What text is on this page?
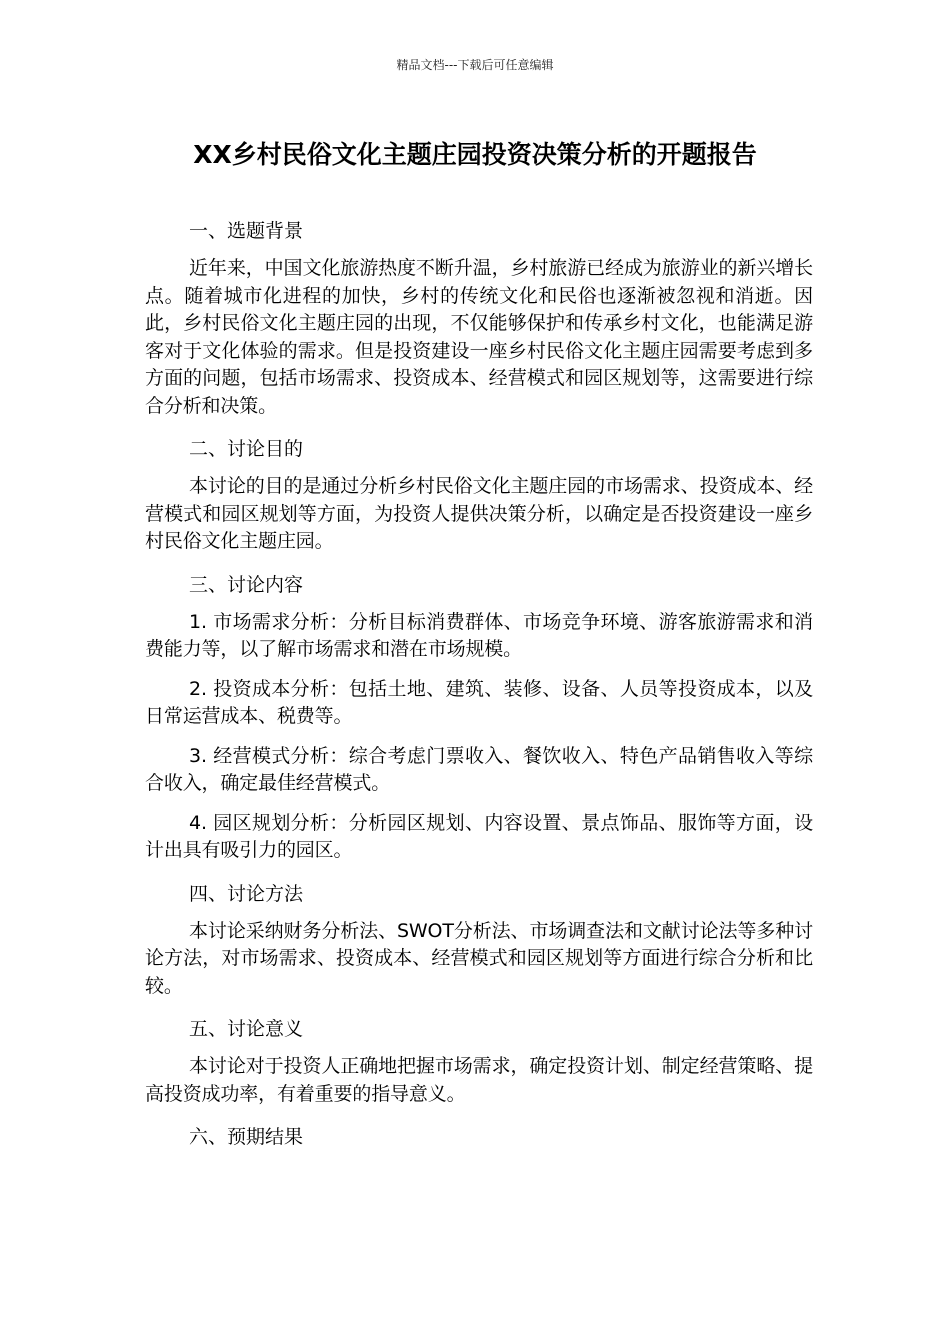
精品文档---下载后可任意编辑
XX乡村民俗文化主题庄园投资决策分析的开题报告
一、选题背景

近年来，中国文化旅游热度不断升温，乡村旅游已经成为旅游业的新兴增长点。随着城市化进程的加快，乡村的传统文化和民俗也逐渐被忽视和消逝。因此，乡村民俗文化主题庄园的出现，不仅能够保护和传承乡村文化，也能满足游客对于文化体验的需求。但是投资建设一座乡村民俗文化主题庄园需要考虑到多方面的问题，包括市场需求、投资成本、经营模式和园区规划等，这需要进行综合分析和决策。

二、讨论目的

本讨论的目的是通过分析乡村民俗文化主题庄园的市场需求、投资成本、经营模式和园区规划等方面，为投资人提供决策分析，以确定是否投资建设一座乡村民俗文化主题庄园。

三、讨论内容

1. 市场需求分析：分析目标消费群体、市场竞争环境、游客旅游需求和消费能力等，以了解市场需求和潜在市场规模。

2. 投资成本分析：包括土地、建筑、装修、设备、人员等投资成本，以及日常运营成本、税费等。

3. 经营模式分析：综合考虑门票收入、餐饮收入、特色产品销售收入等综合收入，确定最佳经营模式。

4. 园区规划分析：分析园区规划、内容设置、景点饰品、服饰等方面，设计出具有吸引力的园区。

四、讨论方法

本讨论采纳财务分析法、SWOT分析法、市场调查法和文献讨论法等多种讨论方法，对市场需求、投资成本、经营模式和园区规划等方面进行综合分析和比较。

五、讨论意义

本讨论对于投资人正确地把握市场需求，确定投资计划、制定经营策略、提高投资成功率，有着重要的指导意义。

六、预期结果
